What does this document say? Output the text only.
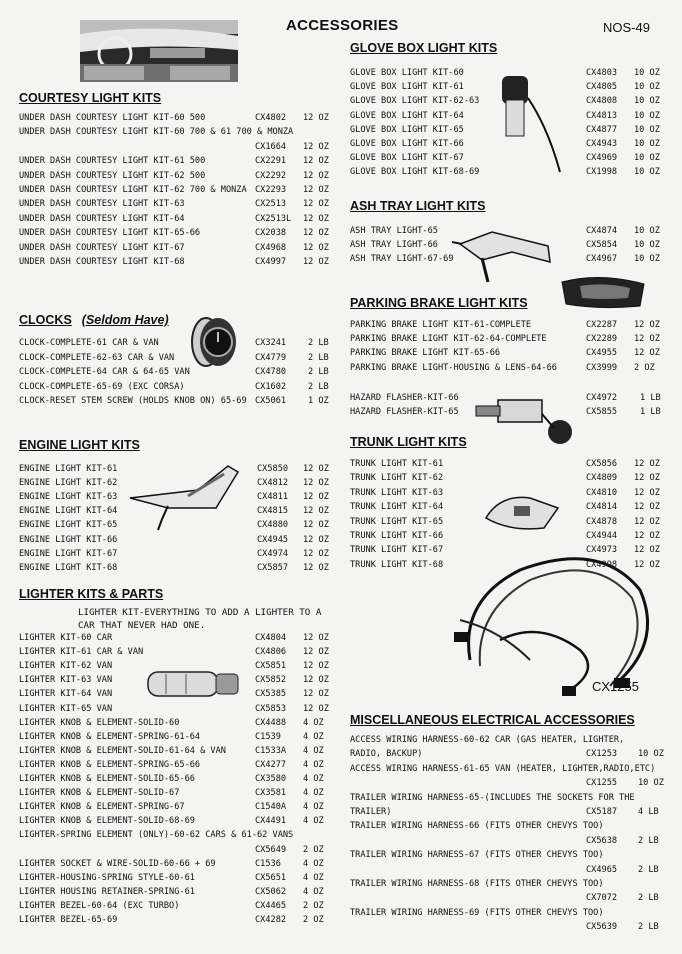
ACCESSORIES	NOS-49
CX1255
COURTESY LIGHT KITS
CLOCKS (Seldom Have)
ENGINE LIGHT KITS
LIGHTER KITS & PARTS
GLOVE BOX LIGHT KITS
ASH TRAY LIGHT KITS
PARKING BRAKE LIGHT KITS
TRUNK LIGHT KITS
MISCELLANEOUS ELECTRICAL ACCESSORIES
LIGHTER KIT-EVERYTHING TO ADD A LIGHTER TO A
CAR THAT NEVER HAD ONE.
UNDER DASH COURTESY LIGHT KIT-60 500	CX4802 12 OZ
UNDER DASH COURTESY LIGHT KIT-60 700 & 61 700 & MONZA
CX1664 12 OZ
UNDER DASH COURTESY LIGHT KIT-61 500	CX2291 12 OZ
UNDER DASH COURTESY LIGHT KIT-62 500	CX2292 12 OZ
UNDER DASH COURTESY LIGHT KIT-62 700 & MONZA CX2293 12 OZ
UNDER DASH COURTESY LIGHT KIT-63	CX2513 12 OZ
UNDER DASH COURTESY LIGHT KIT-64	CX2513L 12 OZ
UNDER DASH COURTESY LIGHT KIT-65-66	CX2038 12 OZ
UNDER DASH COURTESY LIGHT KIT-67	CX4968 12 OZ
UNDER DASH COURTESY LIGHT KIT-68	CX4997 12 OZ
CLOCK-COMPLETE-61 CAR & VAN	CX3241	2 LB
CLOCK-COMPLETE-62-63 CAR & VAN	CX4779	2 LB
CLOCK-COMPLETE-64 CAR & 64-65 VAN	CX4780	2 LB
CLOCK-COMPLETE-65-69 (EXC CORSA)	CX1602	2 LB
CLOCK-RESET STEM SCREW (HOLDS KNOB ON) 65-69 CX5061	1 OZ
ENGINE LIGHT KIT-61	CX5850 12 OZ
ENGINE LIGHT KIT-62	CX4812 12 OZ
ENGINE LIGHT KIT-63	CX4811 12 OZ
ENGINE LIGHT KIT-64	CX4815 12 OZ
ENGINE LIGHT KIT-65	CX4880 12 OZ
ENGINE LIGHT KIT-66	CX4945 12 OZ
ENGINE LIGHT KIT-67	CX4974 12 OZ
ENGINE LIGHT KIT-68	CX5857 12 OZ
LIGHTER KIT-60 CAR	CX4804 12 OZ
LIGHTER KIT-61 CAR & VAN	CX4806 12 OZ
LIGHTER KIT-62 VAN	CX5851 12 OZ
LIGHTER KIT-63 VAN	CX5852 12 OZ
LIGHTER KIT-64 VAN	CX5385 12 OZ
LIGHTER KIT-65 VAN	CX5853 12 OZ
LIGHTER KNOB & ELEMENT-SOLID-60	CX4488 4 OZ
LIGHTER KNOB & ELEMENT-SPRING-61-64	C1539	4 OZ
LIGHTER KNOB & ELEMENT-SOLID-61-64 & VAN	C1533A 4 OZ
LIGHTER KNOB & ELEMENT-SPRING-65-66	CX4277 4 OZ
LIGHTER KNOB & ELEMENT-SOLID-65-66	CX3580 4 OZ
LIGHTER KNOB & ELEMENT-SOLID-67	CX3581 4 OZ
LIGHTER KNOB & ELEMENT-SPRING-67	C1540A 4 OZ
LIGHTER KNOB & ELEMENT-SOLID-68-69	CX4491 4 OZ
LIGHTER-SPRING ELEMENT (ONLY)-60-62 CARS & 61-62 VANS
CX5649 2 OZ
LIGHTER SOCKET & WIRE-SOLID-60-66 + 69	C1536	4 OZ
LIGHTER-HOUSING-SPRING STYLE-60-61	CX5651 4 OZ
LIGHTER HOUSING RETAINER-SPRING-61	CX5062 4 OZ
LIGHTER BEZEL-60-64 (EXC TURBO)	CX4465 2 OZ
LIGHTER BEZEL-65-69	CX4282 2 OZ
GLOVE BOX LIGHT KIT-60	CX4803 10 OZ
GLOVE BOX LIGHT KIT-61	CX4805 10 OZ
GLOVE BOX LIGHT KIT-62-63	CX4808 10 OZ
GLOVE BOX LIGHT KIT-64	CX4813 10 OZ
GLOVE BOX LIGHT KIT-65	CX4877 10 OZ
GLOVE BOX LIGHT KIT-66	CX4943 10 OZ
GLOVE BOX LIGHT KIT-67	CX4969 10 OZ
GLOVE BOX LIGHT KIT-68-69	CX1998 10 OZ
ASH TRAY LIGHT-65	CX4874 10 OZ
ASH TRAY LIGHT-66	CX5854 10 OZ
ASH TRAY LIGHT-67-69	CX4967 10 OZ
PARKING BRAKE LIGHT KIT-61-COMPLETE	CX2287 12 OZ
PARKING BRAKE LIGHT KIT-62-64-COMPLETE	CX2289 12 OZ
PARKING BRAKE LIGHT KIT-65-66	CX4955 12 OZ
PARKING BRAKE LIGHT-HOUSING & LENS-64-66	CX3999 2 OZ
HAZARD FLASHER-KIT-66	CX4972	1 LB
HAZARD FLASHER-KIT-65	CX5855	1 LB
TRUNK LIGHT KIT-61	CX5856 12 OZ
TRUNK LIGHT KIT-62	CX4809 12 OZ
TRUNK LIGHT KIT-63	CX4810 12 OZ
TRUNK LIGHT KIT-64	CX4814 12 OZ
TRUNK LIGHT KIT-65	CX4878 12 OZ
TRUNK LIGHT KIT-66	CX4944 12 OZ
TRUNK LIGHT KIT-67	CX4973 12 OZ
TRUNK LIGHT KIT-68	CX4998 12 OZ
ACCESS WIRING HARNESS-60-62 CAR (GAS HEATER, LIGHTER,
RADIO, BACKUP)	CX1253 10 OZ
ACCESS WIRING HARNESS-61-65 VAN (HEATER, LIGHTER,RADIO,ETC)
CX1255 10 OZ
TRAILER WIRING HARNESS-65-(INCLUDES THE SOCKETS FOR THE
TRAILER)	CX5187 4 LB
TRAILER WIRING HARNESS-66 (FITS OTHER CHEVYS TOO)
CX5638 2 LB
TRAILER WIRING HARNESS-67 (FITS OTHER CHEVYS TOO)
CX4965 2 LB
TRAILER WIRING HARNESS-68 (FITS OTHER CHEVYS TOO)
CX7072 2 LB
TRAILER WIRING HARNESS-69 (FITS OTHER CHEVYS TOO)
CX5639 2 LB
